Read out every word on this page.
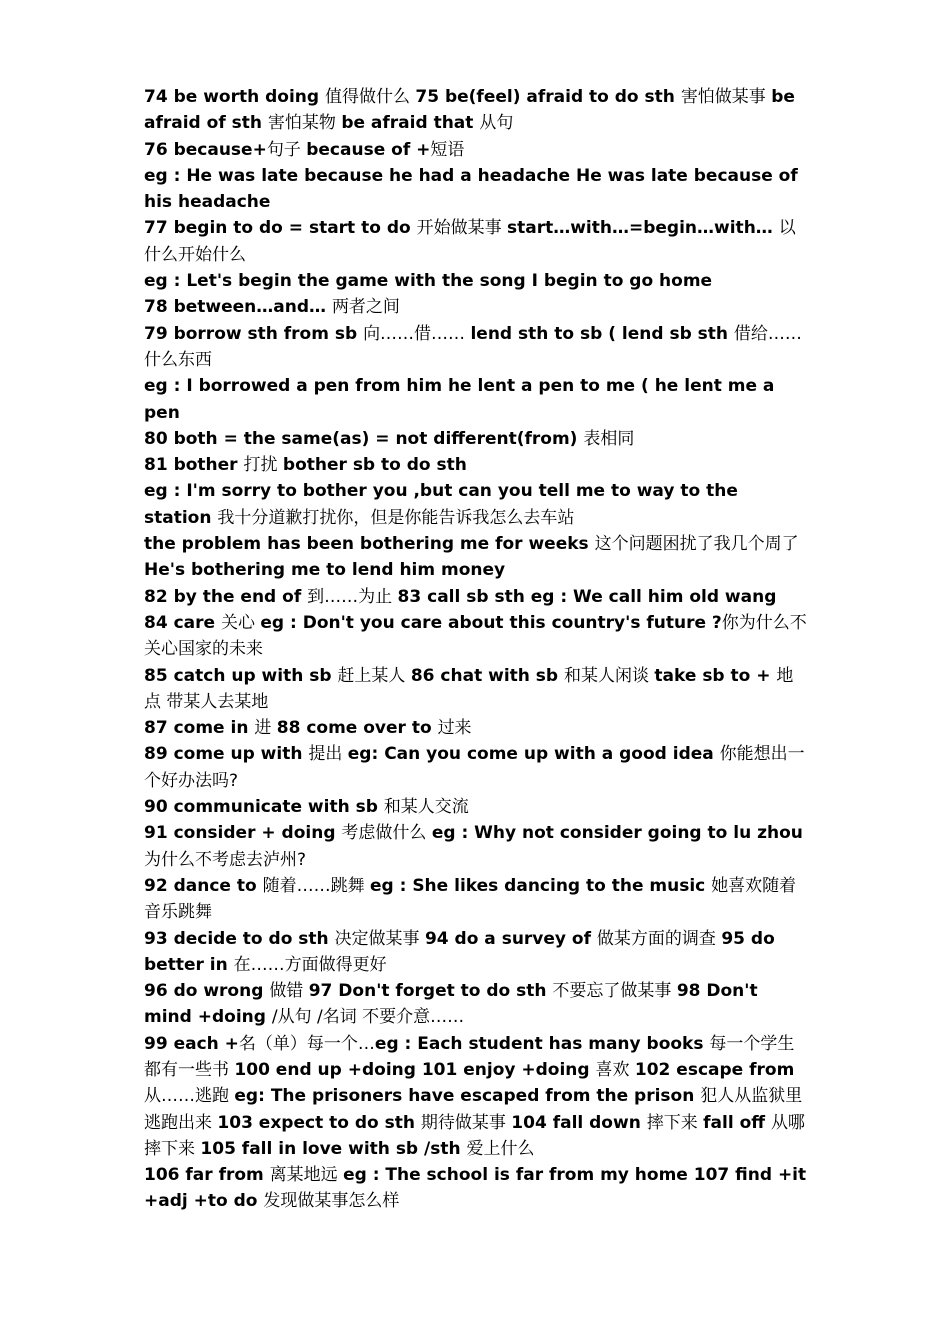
74 be worth doing 值得做什么 75 be(feel) afraid to do sth 害怕做某事 be afraid of sth 害怕某物 be afraid that 从句

76 because+句子 because of +短语

eg : He was late because he had a headache He was late because of his headache

77 begin to do = start to do 开始做某事 start…with…=begin…with… 以什么开始什么

eg : Let's begin the game with the song I begin to go home

78 between…and… 两者之间

79 borrow sth from sb 向……借…… lend sth to sb ( lend sb sth 借给……什么东西

eg : I borrowed a pen from him he lent a pen to me ( he lent me a pen

80 both = the same(as) = not different(from) 表相同

81 bother 打扰 bother sb to do sth

eg : I'm sorry to bother you ,but can you tell me to way to the station 我十分道歉打扰你，但是你能告诉我怎么去车站

the problem has been bothering me for weeks 这个问题困扰了我几个周了

He's bothering me to lend him money

82 by the end of 到……为止 83 call sb sth eg : We call him old wang

84 care 关心 eg : Don't you care about this country's future ?你为什么不关心国家的未来

85 catch up with sb 赶上某人 86 chat with sb 和某人闲谈 take sb to + 地点 带某人去某地

87 come in 进 88 come over to 过来

89 come up with 提出 eg: Can you come up with a good idea 你能想出一个好办法吗?

90 communicate with sb 和某人交流

91 consider + doing 考虑做什么 eg : Why not consider going to lu zhou 为什么不考虑去泸州?

92 dance to 随着……跳舞 eg : She likes dancing to the music 她喜欢随着音乐跳舞

93 decide to do sth 决定做某事 94 do a survey of 做某方面的调查 95 do better in 在……方面做得更好

96 do wrong 做错 97 Don't forget to do sth 不要忘了做某事 98 Don't mind +doing /从句 /名词 不要介意……

99 each +名（单）每一个…eg : Each student has many books 每一个学生都有一些书 100 end up +doing 101 enjoy +doing 喜欢 102 escape from 从……逃跑 eg: The prisoners have escaped from the prison 犯人从监狱里逃跑出来 103 expect to do sth 期待做某事 104 fall down 摔下来 fall off 从哪摔下来 105 fall in love with sb /sth 爱上什么

106 far from 离某地远 eg : The school is far from my home 107 find +it +adj +to do 发现做某事怎么样
